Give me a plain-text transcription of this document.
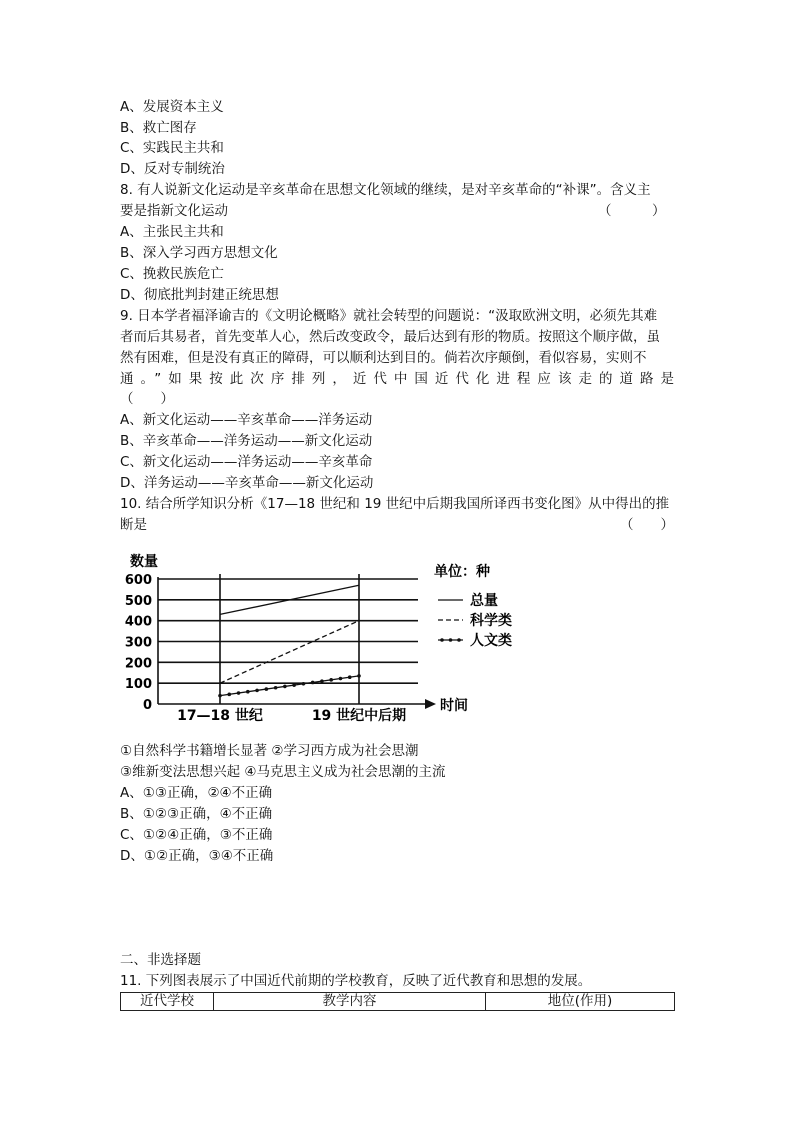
A、发展资本主义
B、救亡图存
C、实践民主共和
D、反对专制统治
8. 有人说新文化运动是辛亥革命在思想文化领域的继续，是对辛亥革命的“补课”。含义主
要是指新文化运动	（　　　）
A、主张民主共和
B、深入学习西方思想文化
C、挽救民族危亡
D、彻底批判封建正统思想
9. 日本学者福泽谕吉的《文明论概略》就社会转型的问题说：“汲取欧洲文明，必须先其难
者而后其易者，首先变革人心，然后改变政令，最后达到有形的物质。按照这个顺序做，虽
然有困难，但是没有真正的障碍，可以顺利达到目的。倘若次序颠倒，看似容易，实则不
通。”如果按此次序排列，近代中国近代化进程应该走的道路是
（　　）
A、新文化运动——辛亥革命——洋务运动
B、辛亥革命——洋务运动——新文化运动
C、新文化运动——洋务运动——辛亥革命
D、洋务运动——辛亥革命——新文化运动
10. 结合所学知识分析《17—18 世纪和 19 世纪中后期我国所译西书变化图》从中得出的推
断是	（　　）
数量
单位：种
0
100
200
300
400
500
600
17—18 世纪	19 世纪中后期
总量
科学类
人文类
时间
①自然科学书籍增长显著 ②学习西方成为社会思潮
③维新变法思想兴起 ④马克思主义成为社会思潮的主流
A、①③正确，②④不正确
B、①②③正确，④不正确
C、①②④正确，③不正确
D、①②正确，③④不正确
二、非选择题
11. 下列图表展示了中国近代前期的学校教育，反映了近代教育和思想的发展。
近代学校	教学内容	地位(作用)
